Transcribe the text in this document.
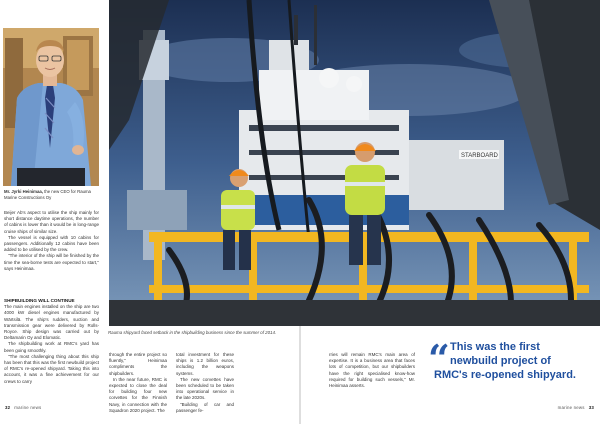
Mr. Jyrki Heinimaa, the new CEO for Rauma Marine Constructions Oy
STARBOARD
Rauma shipyard faced setback in the shipbuilding business since the summer of 2014.

Beijer Ab's aspect to utilise the ship mainly for short distance daytime operations, the number of cabins is lower than it would be in long-range cruise ships of similar size.

The vessel is equipped with 10 cabins for passengers. Additionally 12 cabins have been added to be utilised by the crew.

"The interior of the ship will be finished by the time the sea-borne tests are expected to start," says Heinimaa.

SHIPBUILDING WILL CONTINUE

The main engines installed on the ship are two 4000 kW diesel engines manufactured by Wärtsilä. The ship's rudders, suction and transmission gear were delivered by Rolls-Royce. Ship design was carried out by Deltamarin Oy and Elomatic.

The shipbuilding work at RMC's yard has been going smoothly.

"The most challenging thing about this ship has been that this was the first newbuild project of RMC's re-opened shipyard. Taking this into account, it was a fine achievement for our crews to carry

through the entire project so fluently," Heinimaa compliments the shipbuilders.

In the near future, RMC is expected to close the deal for building four new corvettes for the Finnish Navy, in connection with the Squadron 2020 project. The

total investment for these ships is 1.2 billion euros, including the weapons systems.

The new corvettes have been scheduled to be taken into operational service in the late 2020s.

"Building of car and passenger fe-

rries will remain RMC's main area of expertise. It is a business area that faces lots of competition, but our shipbuilders have the right specialised know-how required for building such vessels," Mr. Heinimaa asserts.

“ This was the first
newbuild project of
RMC's re-opened shipyard.
32 marine news	marine news 33
